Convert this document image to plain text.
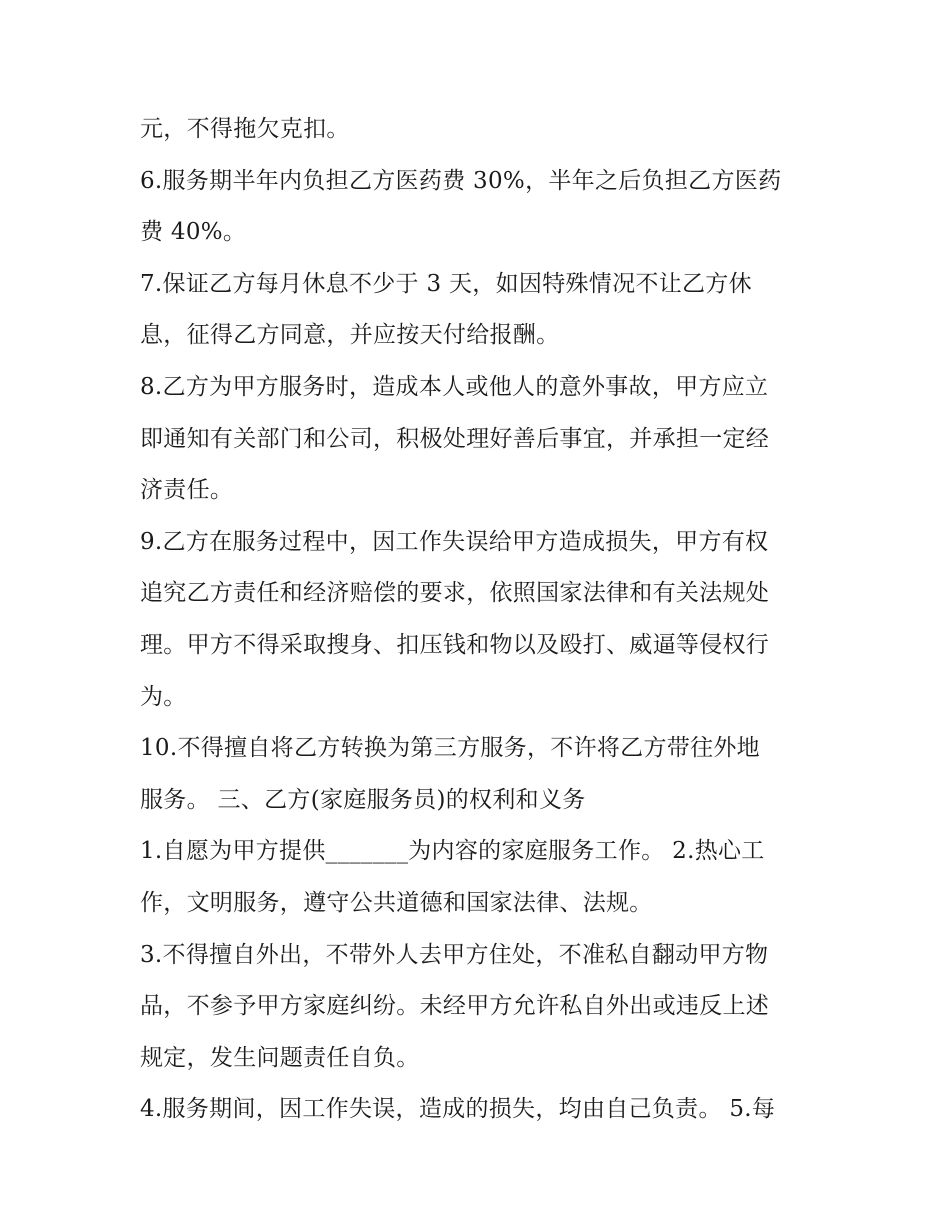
元，不得拖欠克扣。
6.服务期半年内负担乙方医药费 30%，半年之后负担乙方医药
费 40%。
7.保证乙方每月休息不少于 3 天，如因特殊情况不让乙方休
息，征得乙方同意，并应按天付给报酬。
8.乙方为甲方服务时，造成本人或他人的意外事故，甲方应立
即通知有关部门和公司，积极处理好善后事宜，并承担一定经
济责任。
9.乙方在服务过程中，因工作失误给甲方造成损失，甲方有权
追究乙方责任和经济赔偿的要求，依照国家法律和有关法规处
理。甲方不得采取搜身、扣压钱和物以及殴打、威逼等侵权行
为。
10.不得擅自将乙方转换为第三方服务，不许将乙方带往外地
服务。 三、乙方(家庭服务员)的权利和义务
1.自愿为甲方提供_______为内容的家庭服务工作。 2.热心工
作，文明服务，遵守公共道德和国家法律、法规。
3.不得擅自外出，不带外人去甲方住处，不准私自翻动甲方物
品，不参予甲方家庭纠纷。未经甲方允许私自外出或违反上述
规定，发生问题责任自负。
4.服务期间，因工作失误，造成的损失，均由自己负责。 5.每
